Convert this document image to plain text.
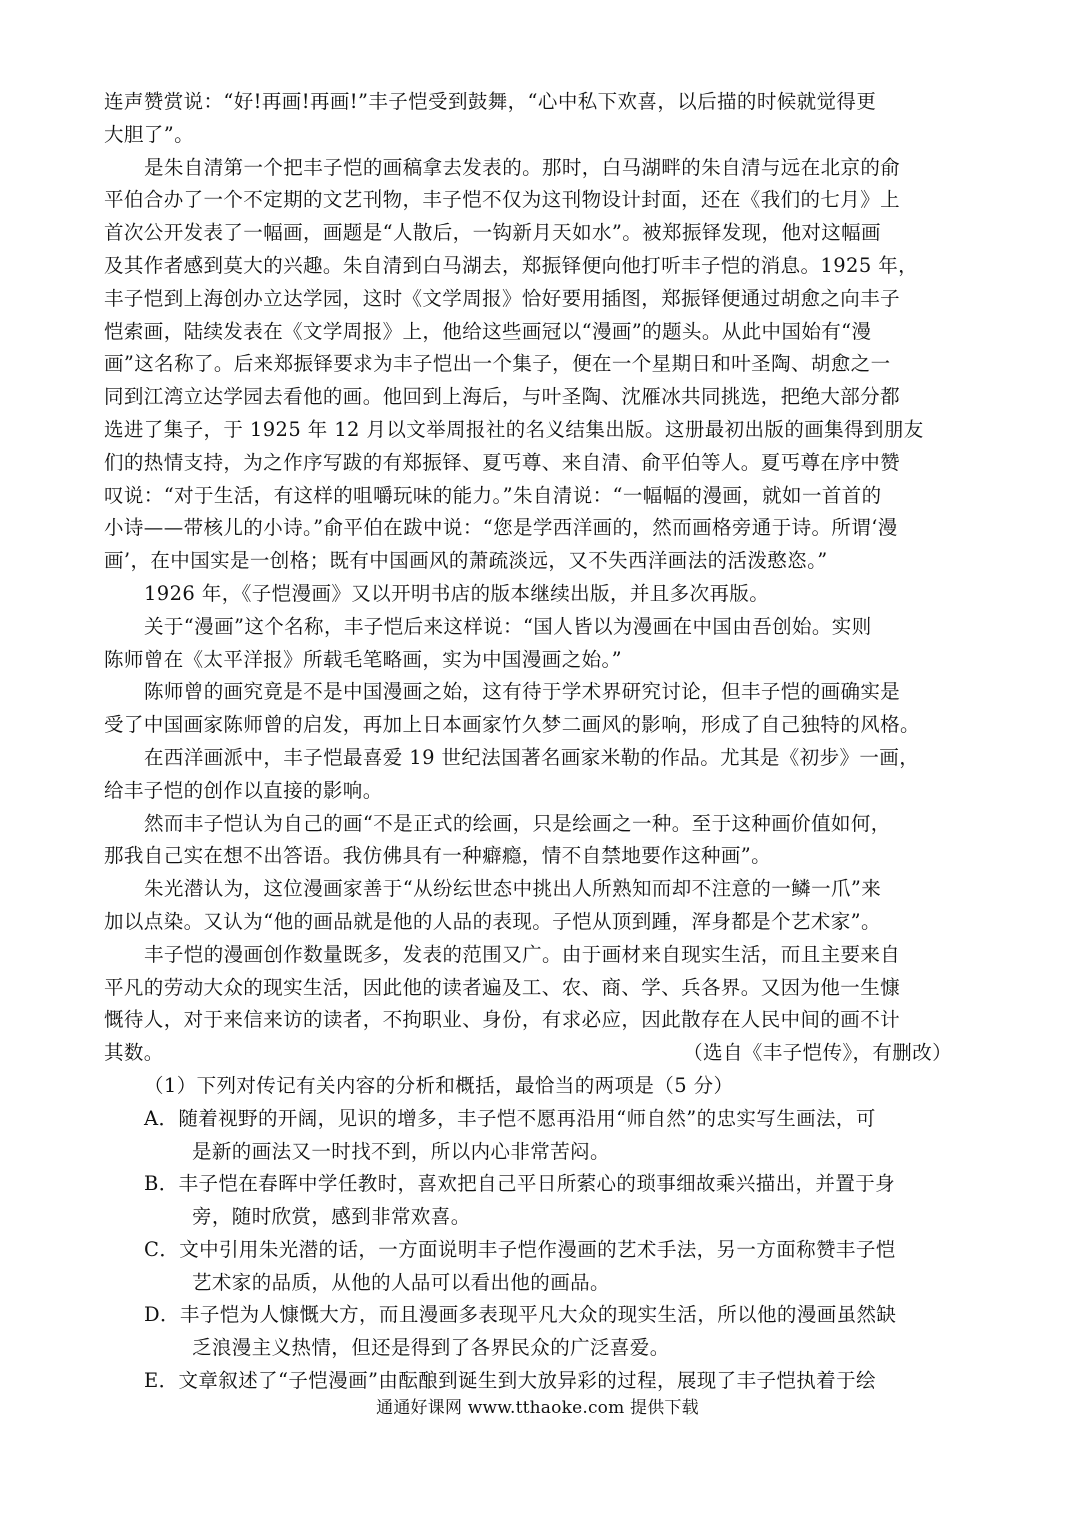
连声赞赏说：“好!再画!再画!”丰子恺受到鼓舞，“心中私下欢喜，以后描的时候就觉得更
大胆了”。
是朱自清第一个把丰子恺的画稿拿去发表的。那时，白马湖畔的朱自清与远在北京的俞
平伯合办了一个不定期的文艺刊物，丰子恺不仅为这刊物设计封面，还在《我们的七月》上
首次公开发表了一幅画，画题是“人散后，一钩新月天如水”。被郑振铎发现，他对这幅画
及其作者感到莫大的兴趣。朱自清到白马湖去，郑振铎便向他打听丰子恺的消息。1925 年，
丰子恺到上海创办立达学园，这时《文学周报》恰好要用插图，郑振铎便通过胡愈之向丰子
恺索画，陆续发表在《文学周报》上，他给这些画冠以“漫画”的题头。从此中国始有“漫
画”这名称了。后来郑振铎要求为丰子恺出一个集子，便在一个星期日和叶圣陶、胡愈之一
同到江湾立达学园去看他的画。他回到上海后，与叶圣陶、沈雁冰共同挑选，把绝大部分都
选进了集子，于 1925 年 12 月以文举周报社的名义结集出版。这册最初出版的画集得到朋友
们的热情支持，为之作序写跋的有郑振铎、夏丐尊、来自清、俞平伯等人。夏丐尊在序中赞
叹说：“对于生活，有这样的咀嚼玩味的能力。”朱自清说：“一幅幅的漫画，就如一首首的
小诗——带核儿的小诗。”俞平伯在跋中说：“您是学西洋画的，然而画格旁通于诗。所谓‘漫
画’，在中国实是一创格；既有中国画风的萧疏淡远，又不失西洋画法的活泼憨恣。”
1926 年，《子恺漫画》又以开明书店的版本继续出版，并且多次再版。
关于“漫画”这个名称，丰子恺后来这样说：“国人皆以为漫画在中国由吾创始。实则
陈师曾在《太平洋报》所载毛笔略画，实为中国漫画之始。”
陈师曾的画究竟是不是中国漫画之始，这有待于学术界研究讨论，但丰子恺的画确实是
受了中国画家陈师曾的启发，再加上日本画家竹久梦二画风的影响，形成了自己独特的风格。
在西洋画派中，丰子恺最喜爱 19 世纪法国著名画家米勒的作品。尤其是《初步》一画，
给丰子恺的创作以直接的影响。
然而丰子恺认为自己的画“不是正式的绘画，只是绘画之一种。至于这种画价值如何，
那我自己实在想不出答语。我仿佛具有一种癖瘾，情不自禁地要作这种画”。
朱光潜认为，这位漫画家善于“从纷纭世态中挑出人所熟知而却不注意的一鳞一爪”来
加以点染。又认为“他的画品就是他的人品的表现。子恺从顶到踵，浑身都是个艺术家”。
丰子恺的漫画创作数量既多，发表的范围又广。由于画材来自现实生活，而且主要来自
平凡的劳动大众的现实生活，因此他的读者遍及工、农、商、学、兵各界。又因为他一生慷
慨待人，对于来信来访的读者，不拘职业、身份，有求必应，因此散存在人民中间的画不计
其数。	（选自《丰子恺传》，有删改）
（1）下列对传记有关内容的分析和概括，最恰当的两项是（5 分）
A．随着视野的开阔，见识的增多，丰子恺不愿再沿用“师自然”的忠实写生画法，可
是新的画法又一时找不到，所以内心非常苦闷。
B．丰子恺在春晖中学任教时，喜欢把自己平日所萦心的琐事细故乘兴描出，并置于身
旁，随时欣赏，感到非常欢喜。
C．文中引用朱光潜的话，一方面说明丰子恺作漫画的艺术手法，另一方面称赞丰子恺
艺术家的品质，从他的人品可以看出他的画品。
D．丰子恺为人慷慨大方，而且漫画多表现平凡大众的现实生活，所以他的漫画虽然缺
乏浪漫主义热情，但还是得到了各界民众的广泛喜爱。
E．文章叙述了“子恺漫画”由酝酿到诞生到大放异彩的过程，展现了丰子恺执着于绘
通通好课网 www.tthaoke.com 提供下载
